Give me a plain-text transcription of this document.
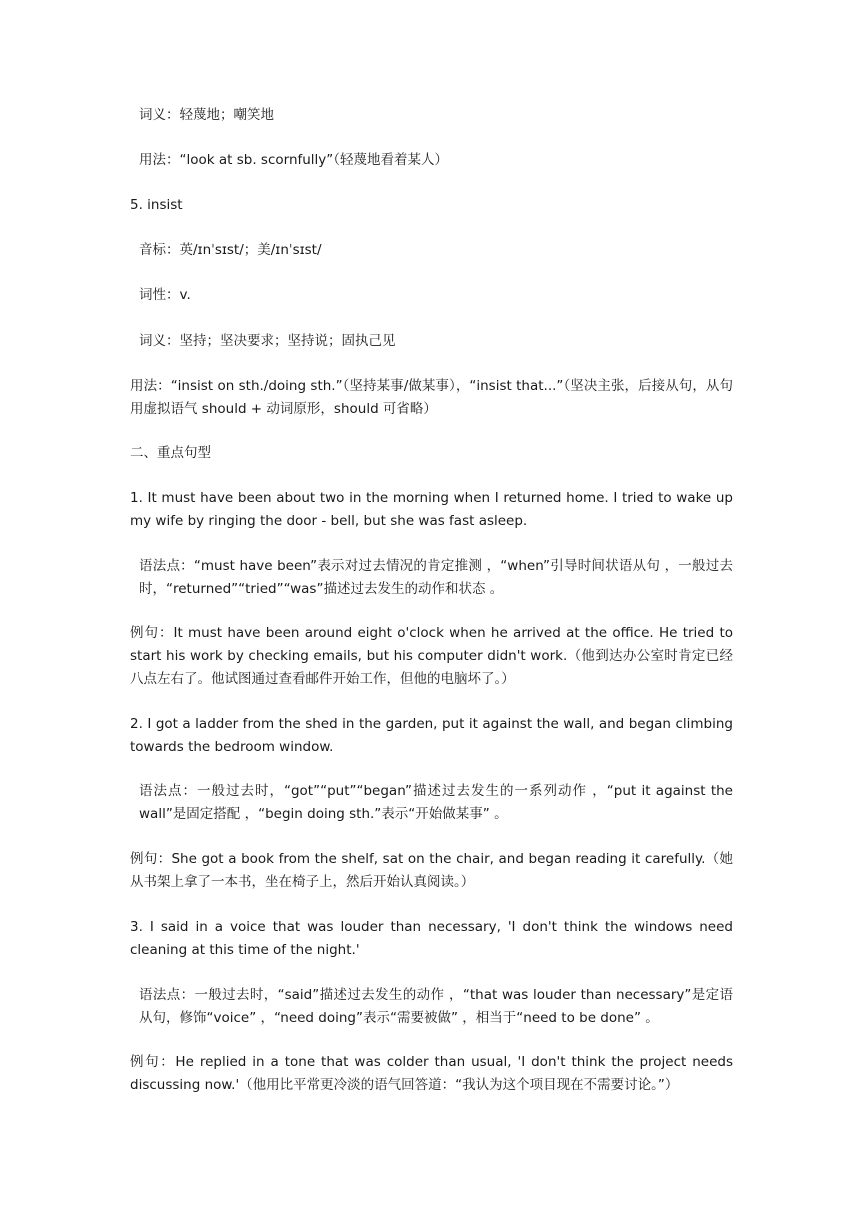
词义：轻蔑地；嘲笑地

用法：“look at sb. scornfully”（轻蔑地看着某人）

5. insist

音标：英/ɪnˈsɪst/；美/ɪnˈsɪst/

词性：v.

词义：坚持；坚决要求；坚持说；固执己见

用法：“insist on sth./doing sth.”（坚持某事/做某事），“insist that...”（坚决主张，后接从句，从句用虚拟语气 should + 动词原形，should 可省略）

二、重点句型

1. It must have been about two in the morning when I returned home. I tried to wake up my wife by ringing the door - bell, but she was fast asleep.

语法点：“must have been”表示对过去情况的肯定推测 ，“when”引导时间状语从句 ，一般过去时，“returned”“tried”“was”描述过去发生的动作和状态 。

例句：It must have been around eight o'clock when he arrived at the office. He tried to start his work by checking emails, but his computer didn't work.（他到达办公室时肯定已经八点左右了。他试图通过查看邮件开始工作，但他的电脑坏了。）

2. I got a ladder from the shed in the garden, put it against the wall, and began climbing towards the bedroom window.

语法点：一般过去时，“got”“put”“began”描述过去发生的一系列动作 ，“put it against the wall”是固定搭配 ，“begin doing sth.”表示“开始做某事” 。

例句：She got a book from the shelf, sat on the chair, and began reading it carefully.（她从书架上拿了一本书，坐在椅子上，然后开始认真阅读。）

3. I said in a voice that was louder than necessary, 'I don't think the windows need cleaning at this time of the night.'

语法点：一般过去时，“said”描述过去发生的动作 ，“that was louder than necessary”是定语从句，修饰“voice” ，“need doing”表示“需要被做” ，相当于“need to be done” 。

例句：He replied in a tone that was colder than usual, 'I don't think the project needs discussing now.'（他用比平常更冷淡的语气回答道：“我认为这个项目现在不需要讨论。”）
